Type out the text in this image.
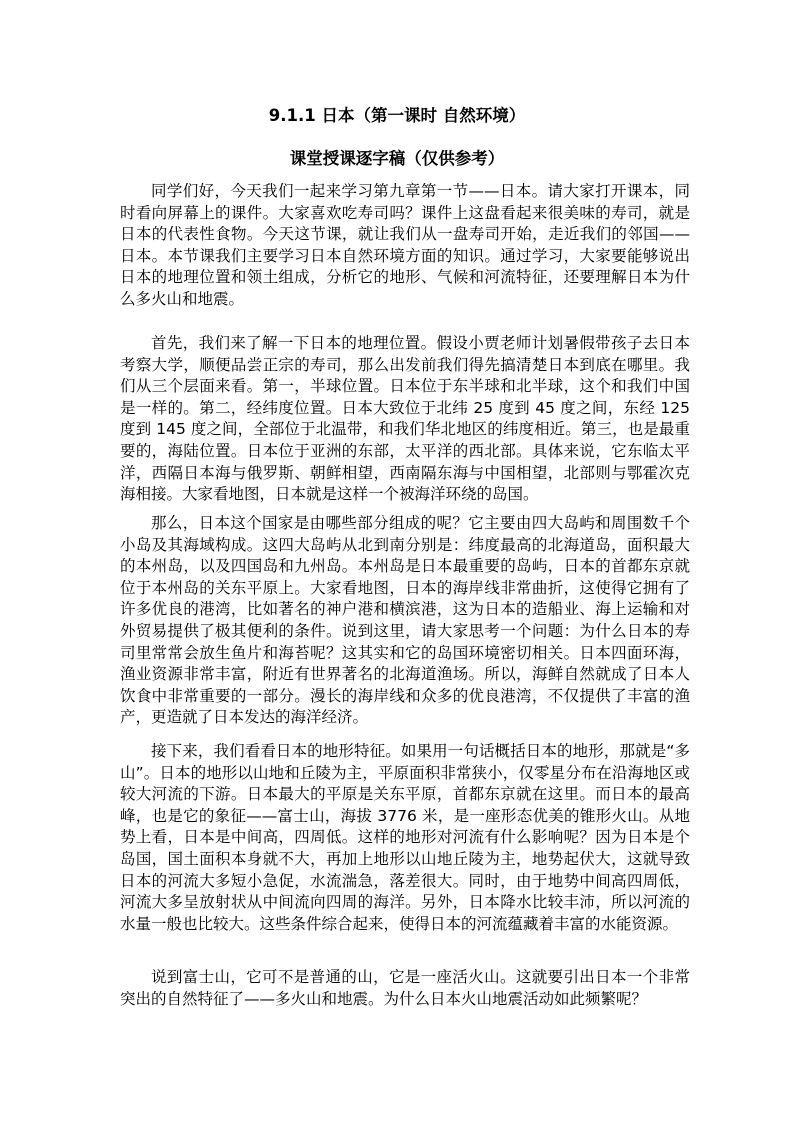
9.1.1 日本（第一课时 自然环境）
课堂授课逐字稿（仅供参考）

同学们好，今天我们一起来学习第九章第一节——日本。请大家打开课本，同时看向屏幕上的课件。大家喜欢吃寿司吗？课件上这盘看起来很美味的寿司，就是日本的代表性食物。今天这节课，就让我们从一盘寿司开始，走近我们的邻国——日本。本节课我们主要学习日本自然环境方面的知识。通过学习，大家要能够说出日本的地理位置和领土组成，分析它的地形、气候和河流特征，还要理解日本为什么多火山和地震。

首先，我们来了解一下日本的地理位置。假设小贾老师计划暑假带孩子去日本考察大学，顺便品尝正宗的寿司，那么出发前我们得先搞清楚日本到底在哪里。我们从三个层面来看。第一，半球位置。日本位于东半球和北半球，这个和我们中国是一样的。第二，经纬度位置。日本大致位于北纬 25 度到 45 度之间，东经 125 度到 145 度之间，全部位于北温带，和我们华北地区的纬度相近。第三，也是最重要的，海陆位置。日本位于亚洲的东部，太平洋的西北部。具体来说，它东临太平洋，西隔日本海与俄罗斯、朝鲜相望，西南隔东海与中国相望，北部则与鄂霍次克海相接。大家看地图，日本就是这样一个被海洋环绕的岛国。

那么，日本这个国家是由哪些部分组成的呢？它主要由四大岛屿和周围数千个小岛及其海域构成。这四大岛屿从北到南分别是：纬度最高的北海道岛，面积最大的本州岛，以及四国岛和九州岛。本州岛是日本最重要的岛屿，日本的首都东京就位于本州岛的关东平原上。大家看地图，日本的海岸线非常曲折，这使得它拥有了许多优良的港湾，比如著名的神户港和横滨港，这为日本的造船业、海上运输和对外贸易提供了极其便利的条件。说到这里，请大家思考一个问题：为什么日本的寿司里常常会放生鱼片和海苔呢？这其实和它的岛国环境密切相关。日本四面环海，渔业资源非常丰富，附近有世界著名的北海道渔场。所以，海鲜自然就成了日本人饮食中非常重要的一部分。漫长的海岸线和众多的优良港湾，不仅提供了丰富的渔产，更造就了日本发达的海洋经济。

接下来，我们看看日本的地形特征。如果用一句话概括日本的地形，那就是“多山”。日本的地形以山地和丘陵为主，平原面积非常狭小，仅零星分布在沿海地区或较大河流的下游。日本最大的平原是关东平原，首都东京就在这里。而日本的最高峰，也是它的象征——富士山，海拔 3776 米，是一座形态优美的锥形火山。从地势上看，日本是中间高，四周低。这样的地形对河流有什么影响呢？因为日本是个岛国，国土面积本身就不大，再加上地形以山地丘陵为主，地势起伏大，这就导致日本的河流大多短小急促，水流湍急，落差很大。同时，由于地势中间高四周低，河流大多呈放射状从中间流向四周的海洋。另外，日本降水比较丰沛，所以河流的水量一般也比较大。这些条件综合起来，使得日本的河流蕴藏着丰富的水能资源。

说到富士山，它可不是普通的山，它是一座活火山。这就要引出日本一个非常突出的自然特征了——多火山和地震。为什么日本火山地震活动如此频繁呢？
